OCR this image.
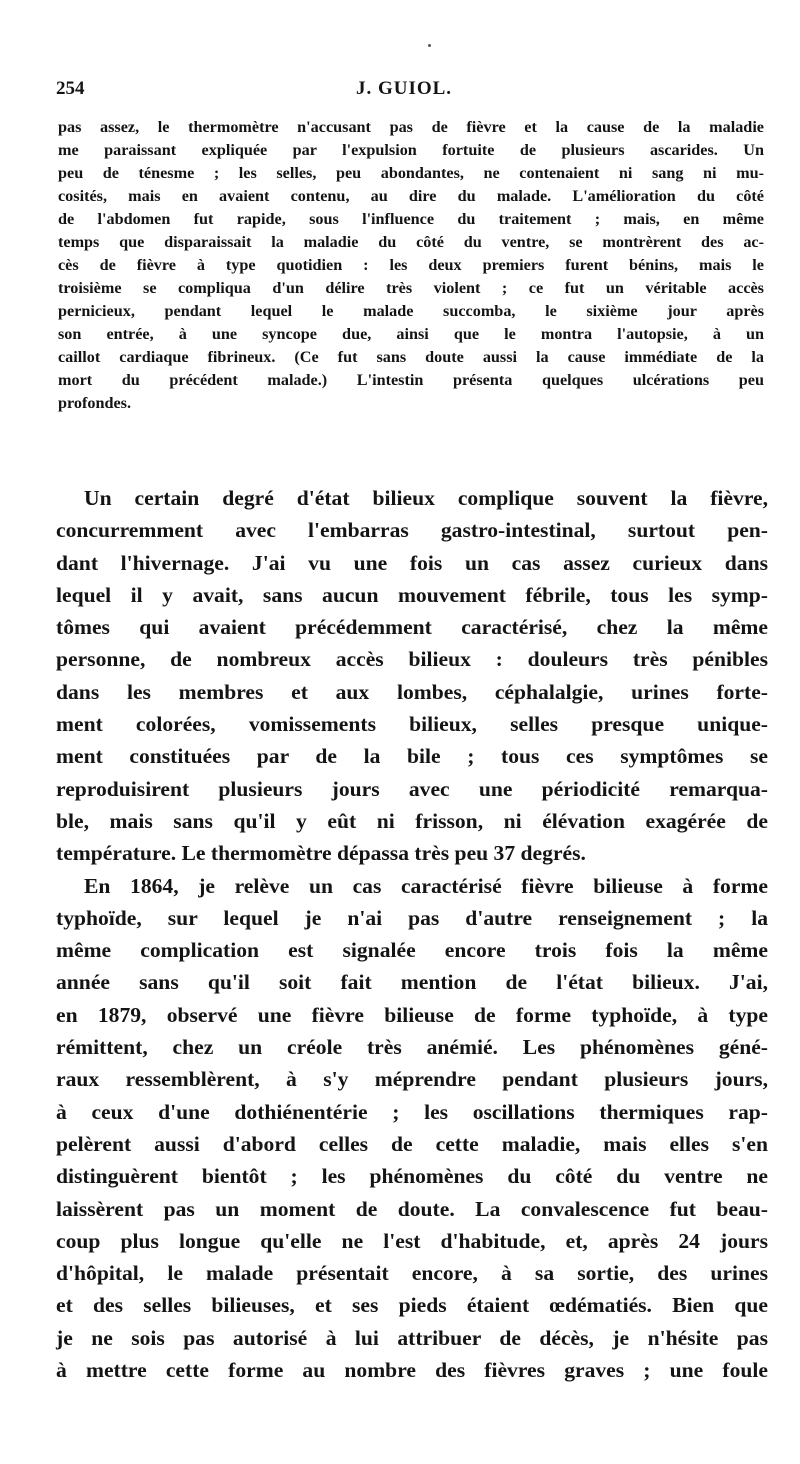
254	J. GUIOL.

pas assez, le thermomètre n'accusant pas de fièvre et la cause de la maladie
me paraissant expliquée par l'expulsion fortuite de plusieurs ascarides. Un
peu de ténesme ; les selles, peu abondantes, ne contenaient ni sang ni mu-
cosités, mais en avaient contenu, au dire du malade. L'amélioration du côté
de l'abdomen fut rapide, sous l'influence du traitement ; mais, en même
temps que disparaissait la maladie du côté du ventre, se montrèrent des ac-
cès de fièvre à type quotidien : les deux premiers furent bénins, mais le
troisième se compliqua d'un délire très violent ; ce fut un véritable accès
pernicieux, pendant lequel le malade succomba, le sixième jour après
son entrée, à une syncope due, ainsi que le montra l'autopsie, à un
caillot cardiaque fibrineux. (Ce fut sans doute aussi la cause immédiate de la
mort du précédent malade.) L'intestin présenta quelques ulcérations peu
profondes.

Un certain degré d'état bilieux complique souvent la fièvre,
concurremment avec l'embarras gastro-intestinal, surtout pen-
dant l'hivernage. J'ai vu une fois un cas assez curieux dans
lequel il y avait, sans aucun mouvement fébrile, tous les symp-
tômes qui avaient précédemment caractérisé, chez la même
personne, de nombreux accès bilieux : douleurs très pénibles
dans les membres et aux lombes, céphalalgie, urines forte-
ment colorées, vomissements bilieux, selles presque unique-
ment constituées par de la bile ; tous ces symptômes se
reproduisirent plusieurs jours avec une périodicité remarqua-
ble, mais sans qu'il y eût ni frisson, ni élévation exagérée de
température. Le thermomètre dépassa très peu 37 degrés.
En 1864, je relève un cas caractérisé fièvre bilieuse à forme
typhoïde, sur lequel je n'ai pas d'autre renseignement ; la
même complication est signalée encore trois fois la même
année sans qu'il soit fait mention de l'état bilieux. J'ai,
en 1879, observé une fièvre bilieuse de forme typhoïde, à type
rémittent, chez un créole très anémié. Les phénomènes géné-
raux ressemblèrent, à s'y méprendre pendant plusieurs jours,
à ceux d'une dothiénentérie ; les oscillations thermiques rap-
pelèrent aussi d'abord celles de cette maladie, mais elles s'en
distinguèrent bientôt ; les phénomènes du côté du ventre ne
laissèrent pas un moment de doute. La convalescence fut beau-
coup plus longue qu'elle ne l'est d'habitude, et, après 24 jours
d'hôpital, le malade présentait encore, à sa sortie, des urines
et des selles bilieuses, et ses pieds étaient œdématiés. Bien que
je ne sois pas autorisé à lui attribuer de décès, je n'hésite pas
à mettre cette forme au nombre des fièvres graves ; une foule
